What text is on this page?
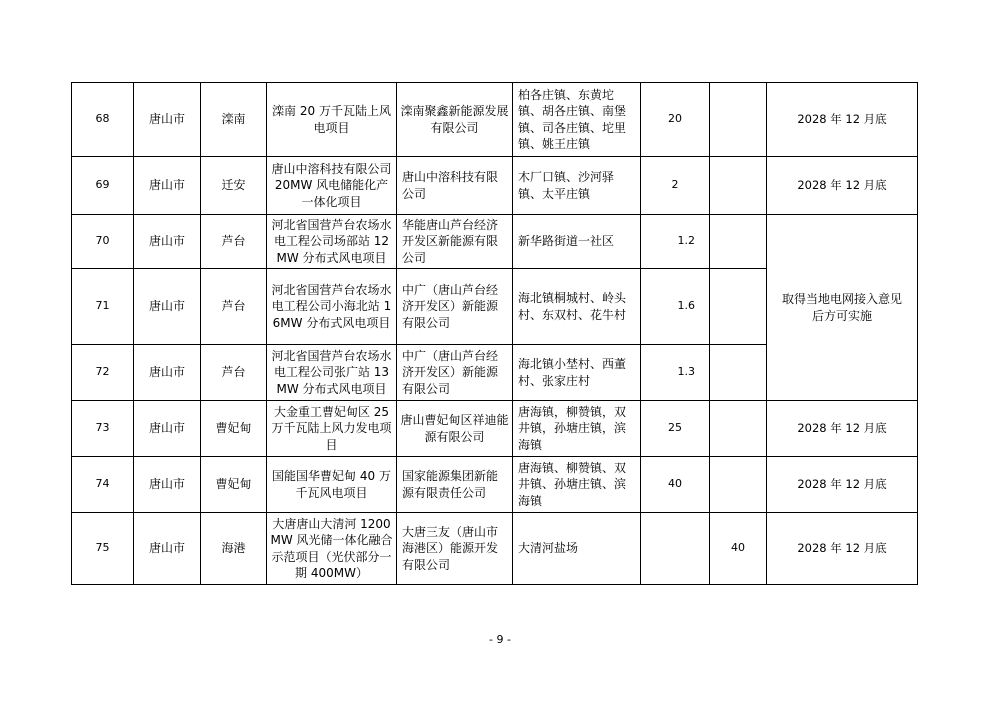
68	唐山市	滦南	滦南 20 万千瓦陆上风电项目	滦南聚鑫新能源发展有限公司	柏各庄镇、东黄坨镇、胡各庄镇、南堡镇、司各庄镇、坨里镇、姚王庄镇	20		2028 年 12 月底
69	唐山市	迁安	唐山中溶科技有限公司 20MW 风电储能化产一体化项目	唐山中溶科技有限公司	木厂口镇、沙河驿镇、太平庄镇	2		2028 年 12 月底
70	唐山市	芦台	河北省国营芦台农场水电工程公司场部站 12MW 分布式风电项目	华能唐山芦台经济开发区新能源有限公司	新华路街道一社区	1.2		取得当地电网接入意见后方可实施
71	唐山市	芦台	河北省国营芦台农场水电工程公司小海北站 16MW 分布式风电项目	中广（唐山芦台经济开发区）新能源有限公司	海北镇桐城村、岭头村、东双村、花牛村	1.6		
72	唐山市	芦台	河北省国营芦台农场水电工程公司张广站 13MW 分布式风电项目	中广（唐山芦台经济开发区）新能源有限公司	海北镇小埜村、西董村、张家庄村	1.3		
73	唐山市	曹妃甸	大金重工曹妃甸区 25 万千瓦陆上风力发电项目	唐山曹妃甸区祥迪能源有限公司	唐海镇，柳赞镇，双井镇，孙塘庄镇，滨海镇	25		2028 年 12 月底
74	唐山市	曹妃甸	国能国华曹妃甸 40 万千瓦风电项目	国家能源集团新能源有限责任公司	唐海镇、柳赞镇、双井镇、孙塘庄镇、滨海镇	40		2028 年 12 月底
75	唐山市	海港	大唐唐山大清河 1200MW 风光储一体化融合示范项目（光伏部分一期 400MW）	大唐三友（唐山市海港区）能源开发有限公司	大清河盐场		40	2028 年 12 月底
- 9 -
